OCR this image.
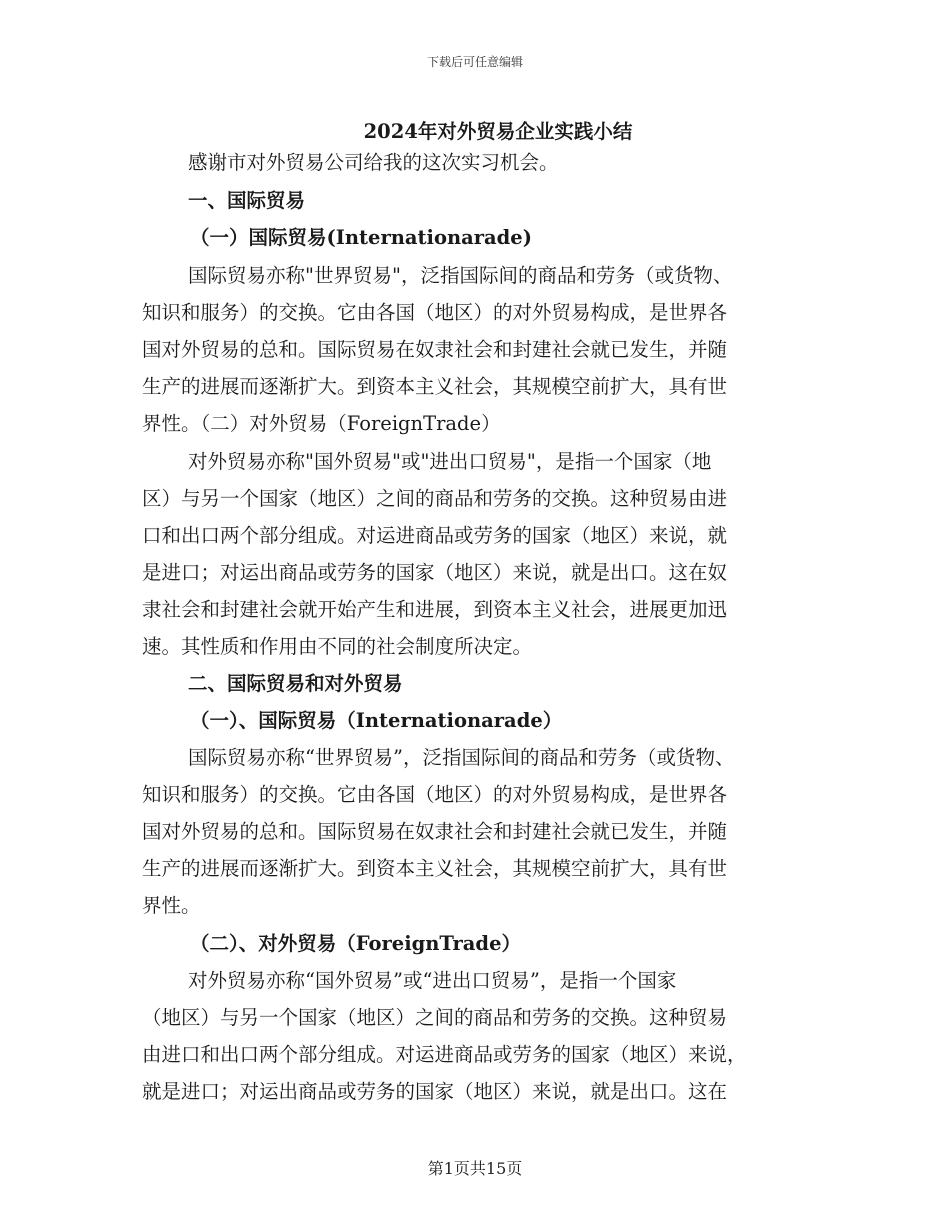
下载后可任意编辑
2024年对外贸易企业实践小结
感谢市对外贸易公司给我的这次实习机会。
一、国际贸易
（一）国际贸易(Internationarade)
国际贸易亦称"世界贸易"，泛指国际间的商品和劳务（或货物、
知识和服务）的交换。它由各国（地区）的对外贸易构成，是世界各
国对外贸易的总和。国际贸易在奴隶社会和封建社会就已发生，并随
生产的进展而逐渐扩大。到资本主义社会，其规模空前扩大，具有世
界性。（二）对外贸易（ForeignTrade）
对外贸易亦称"国外贸易"或"进出口贸易"，是指一个国家（地
区）与另一个国家（地区）之间的商品和劳务的交换。这种贸易由进
口和出口两个部分组成。对运进商品或劳务的国家（地区）来说，就
是进口；对运出商品或劳务的国家（地区）来说，就是出口。这在奴
隶社会和封建社会就开始产生和进展，到资本主义社会，进展更加迅
速。其性质和作用由不同的社会制度所决定。
二、国际贸易和对外贸易
（一）、国际贸易（Internationarade）
国际贸易亦称“世界贸易”，泛指国际间的商品和劳务（或货物、
知识和服务）的交换。它由各国（地区）的对外贸易构成，是世界各
国对外贸易的总和。国际贸易在奴隶社会和封建社会就已发生，并随
生产的进展而逐渐扩大。到资本主义社会，其规模空前扩大，具有世
界性。
（二）、对外贸易（ForeignTrade）
对外贸易亦称“国外贸易”或“进出口贸易”，是指一个国家
（地区）与另一个国家（地区）之间的商品和劳务的交换。这种贸易
由进口和出口两个部分组成。对运进商品或劳务的国家（地区）来说，
就是进口；对运出商品或劳务的国家（地区）来说，就是出口。这在
第1页共15页
